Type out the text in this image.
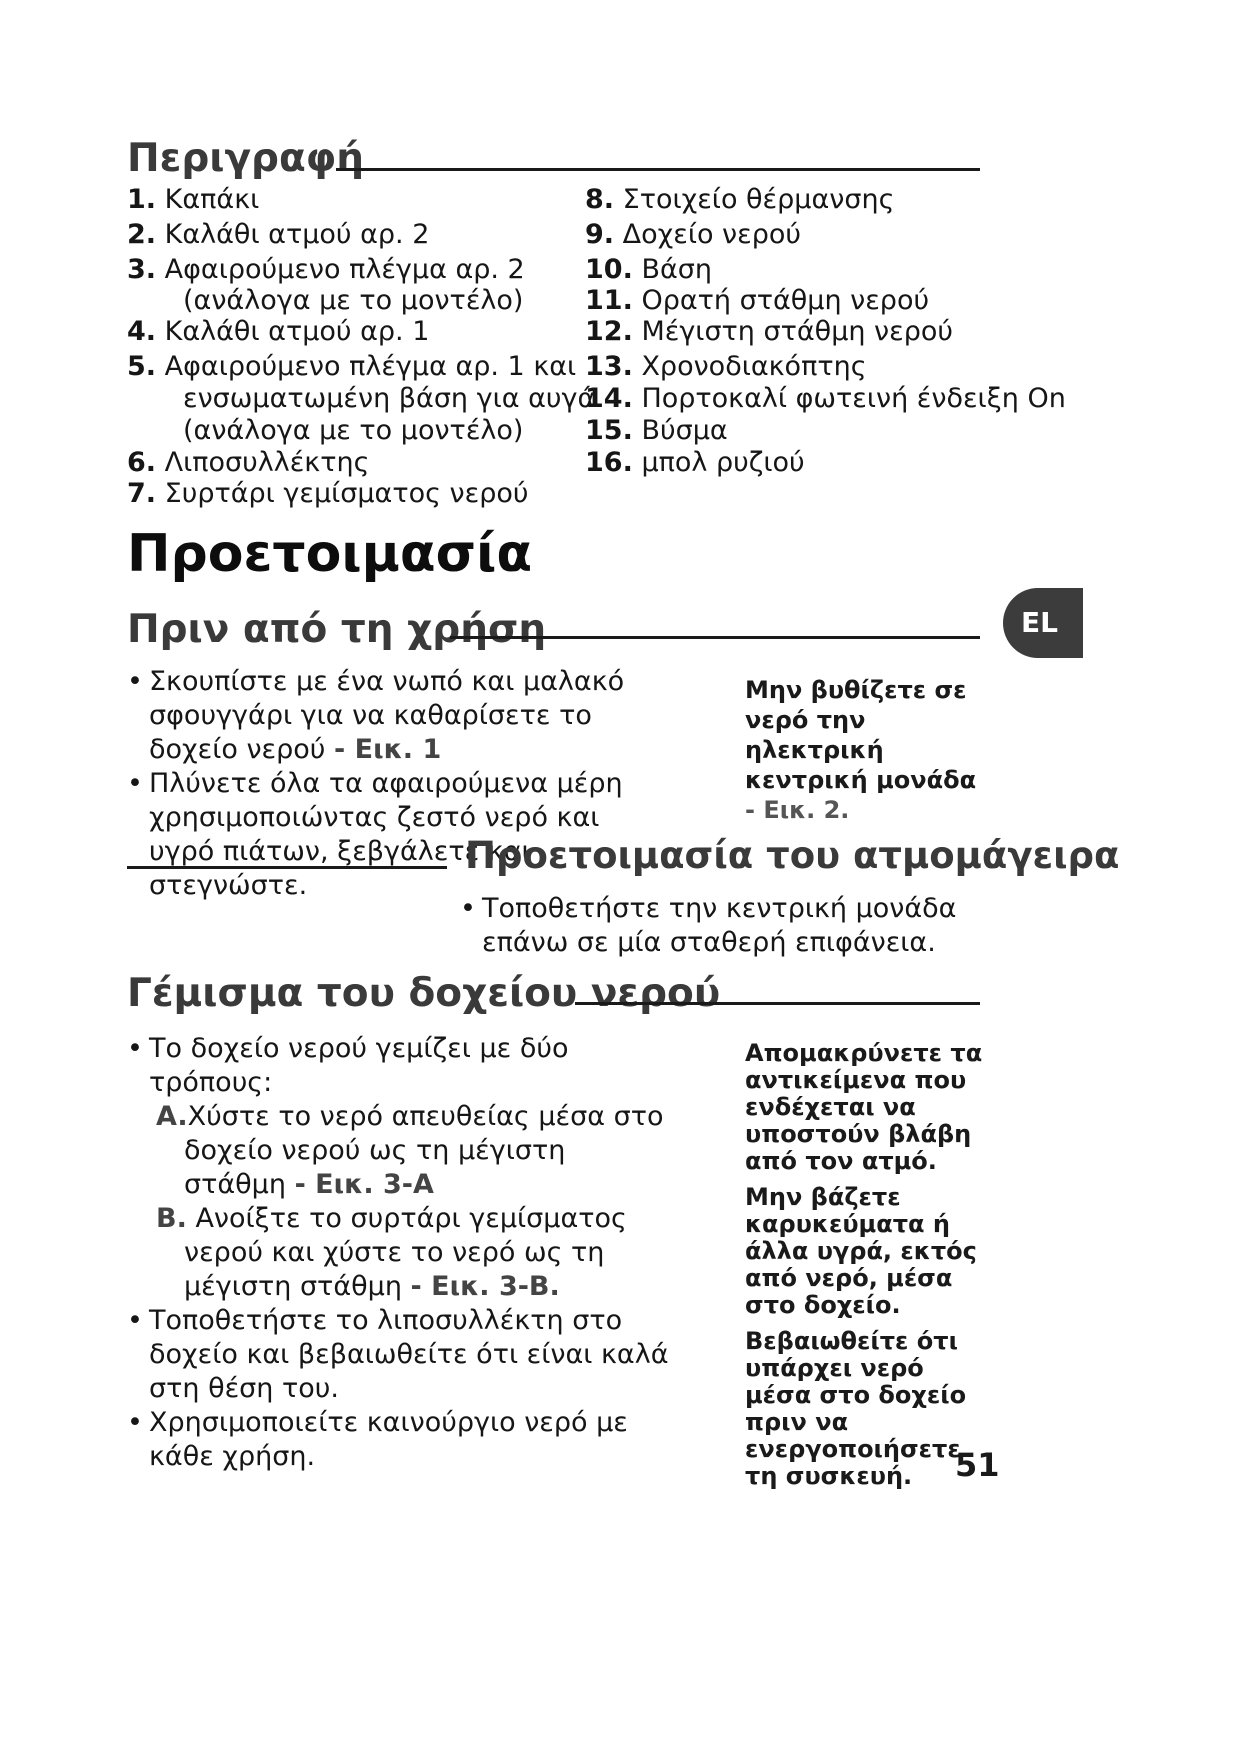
Περιγραφή
1. Καπάκι
2. Καλάθι ατμού αρ. 2
3. Αφαιρούμενο πλέγμα αρ. 2
(ανάλογα με το μοντέλο)
4. Καλάθι ατμού αρ. 1
5. Αφαιρούμενο πλέγμα αρ. 1 και
ενσωματωμένη βάση για αυγά
(ανάλογα με το μοντέλο)
6. Λιποσυλλέκτης
7. Συρτάρι γεμίσματος νερού
8. Στοιχείο θέρμανσης
9. Δοχείο νερού
10. Βάση
11. Ορατή στάθμη νερού
12. Μέγιστη στάθμη νερού
13. Χρονοδιακόπτης
14. Πορτοκαλί φωτεινή ένδειξη On
15. Βύσμα
16. μπολ ρυζιού
Προετοιμασία
EL
Πριν από τη χρήση
• Σκουπίστε με ένα νωπό και μαλακό σφουγγάρι για να καθαρίσετε το δοχείο νερού - Εικ. 1
• Πλύνετε όλα τα αφαιρούμενα μέρη χρησιμοποιώντας ζεστό νερό και υγρό πιάτων, ξεβγάλετε και στεγνώστε.

Μην βυθίζετε σε νερό την ηλεκτρική κεντρική μονάδα - Εικ. 2.

Προετοιμασία του ατμομάγειρα
• Τοποθετήστε την κεντρική μονάδα επάνω σε μία σταθερή επιφάνεια.
Γέμισμα του δοχείου νερού
• Το δοχείο νερού γεμίζει με δύο τρόπους:
A.Χύστε το νερό απευθείας μέσα στο δοχείο νερού ως τη μέγιστη στάθμη - Εικ. 3-A
B. Ανοίξτε το συρτάρι γεμίσματος νερού και χύστε το νερό ως τη μέγιστη στάθμη - Εικ. 3-B.
• Τοποθετήστε το λιποσυλλέκτη στο δοχείο και βεβαιωθείτε ότι είναι καλά στη θέση του.
• Χρησιμοποιείτε καινούργιο νερό με κάθε χρήση.

Απομακρύνετε τα αντικείμενα που ενδέχεται να υποστούν βλάβη από τον ατμό.

Μην βάζετε καρυκεύματα ή άλλα υγρά, εκτός από νερό, μέσα στο δοχείο.

Βεβαιωθείτε ότι υπάρχει νερό μέσα στο δοχείο πριν να ενεργοποιήσετε τη συσκευή.	51
